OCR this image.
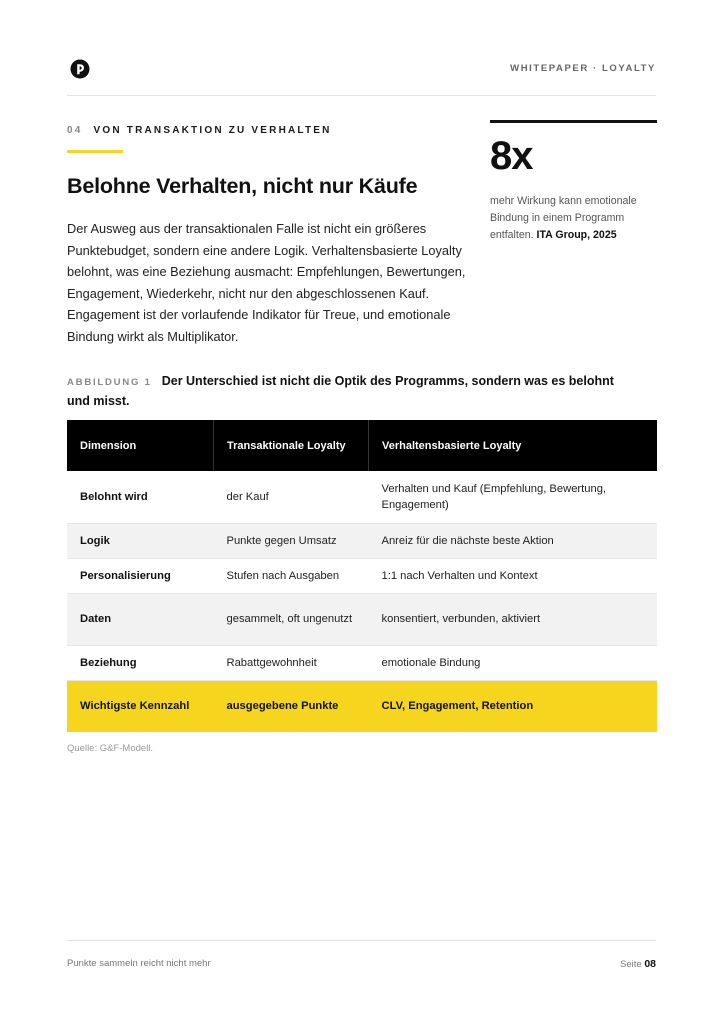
WHITEPAPER · LOYALTY
04 VON TRANSAKTION ZU VERHALTEN
Belohne Verhalten, nicht nur Käufe

Der Ausweg aus der transaktionalen Falle ist nicht ein größeres Punktebudget, sondern eine andere Logik. Verhaltensbasierte Loyalty belohnt, was eine Beziehung ausmacht: Empfehlungen, Bewertungen, Engagement, Wiederkehr, nicht nur den abgeschlossenen Kauf. Engagement ist der vorlaufende Indikator für Treue, und emotionale Bindung wirkt als Multiplikator.

8x
mehr Wirkung kann emotionale Bindung in einem Programm entfalten. ITA Group, 2025
ABBILDUNG 1 Der Unterschied ist nicht die Optik des Programms, sondern was es belohnt und misst.
Dimension	Transaktionale Loyalty	Verhaltensbasierte Loyalty
Belohnt wird	der Kauf	Verhalten und Kauf (Empfehlung, Bewertung, Engagement)
Logik	Punkte gegen Umsatz	Anreiz für die nächste beste Aktion
Personalisierung	Stufen nach Ausgaben	1:1 nach Verhalten und Kontext
Daten	gesammelt, oft ungenutzt	konsentiert, verbunden, aktiviert
Beziehung	Rabattgewohnheit	emotionale Bindung
Wichtigste Kennzahl	ausgegebene Punkte	CLV, Engagement, Retention
Quelle: G&F-Modell.
Punkte sammeln reicht nicht mehr	Seite 08
